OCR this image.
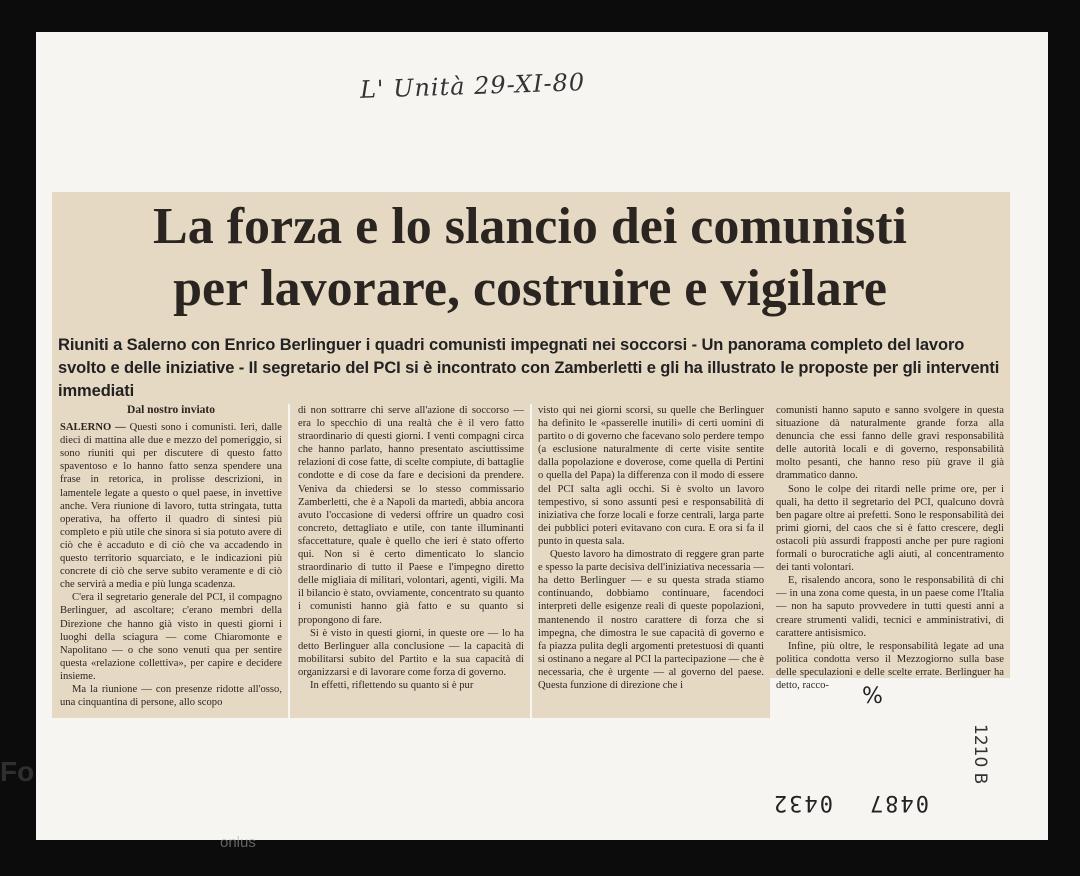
L' Unità 29-XI-80
La forza e lo slancio dei comunisti
per lavorare, costruire e vigilare
Riuniti a Salerno con Enrico Berlinguer i quadri comunisti impegnati nei soccorsi - Un panorama completo del lavoro svolto e delle iniziative - Il segretario del PCI si è incontrato con Zamberletti e gli ha illustrato le proposte per gli interventi immediati
Dal nostro inviato

SALERNO — Questi sono i comunisti. Ieri, dalle dieci di mattina alle due e mezzo del pomeriggio, si sono riuniti qui per discutere di questo fatto spaventoso e lo hanno fatto senza spendere una frase in retorica, in prolisse descrizioni, in lamentele legate a questo o quel paese, in invettive anche. Vera riunione di lavoro, tutta stringata, tutta operativa, ha offerto il quadro di sintesi più completo e più utile che sinora si sia potuto avere di ciò che è accaduto e di ciò che va accadendo in questo territorio squarciato, e le indicazioni più concrete di ciò che serve subito veramente e di ciò che servirà a media e più lunga scadenza.

C'era il segretario generale del PCI, il compagno Berlinguer, ad ascoltare; c'erano membri della Direzione che hanno già visto in questi giorni i luoghi della sciagura — come Chiaromonte e Napolitano — o che sono venuti qua per sentire questa «relazione collettiva», per capire e decidere insieme.

Ma la riunione — con presenze ridotte all'osso, una cinquantina di persone, allo scopo

di non sottrarre chi serve all'azione di soccorso — era lo specchio di una realtà che è il vero fatto straordinario di questi giorni. I venti compagni circa che hanno parlato, hanno presentato asciuttissime relazioni di cose fatte, di scelte compiute, di battaglie condotte e di cose da fare e decisioni da prendere. Veniva da chiedersi se lo stesso commissario Zamberletti, che è a Napoli da martedì, abbia ancora avuto l'occasione di vedersi offrire un quadro così concreto, dettagliato e utile, con tante illuminanti sfaccettature, quale è quello che ieri è stato offerto qui. Non si è certo dimenticato lo slancio straordinario di tutto il Paese e l'impegno diretto delle migliaia di militari, volontari, agenti, vigili. Ma il bilancio è stato, ovviamente, concentrato su quanto i comunisti hanno già fatto e su quanto si propongono di fare.

Si è visto in questi giorni, in queste ore — lo ha detto Berlinguer alla conclusione — la capacità di mobilitarsi subito del Partito e la sua capacità di organizzarsi e di lavorare come forza di governo.

In effetti, riflettendo su quanto si è pur

visto qui nei giorni scorsi, su quelle che Berlinguer ha definito le «passerelle inutili» di certi uomini di partito o di governo che facevano solo perdere tempo (a esclusione naturalmente di certe visite sentite dalla popolazione e doverose, come quella di Pertini o quella del Papa) la differenza con il modo di essere del PCI salta agli occhi. Si è svolto un lavoro tempestivo, si sono assunti pesi e responsabilità di iniziativa che forze locali e forze centrali, larga parte dei pubblici poteri evitavano con cura. E ora si fa il punto in questa sala.

Questo lavoro ha dimostrato di reggere gran parte e spesso la parte decisiva dell'iniziativa necessaria — ha detto Berlinguer — e su questa strada stiamo continuando, dobbiamo continuare, facendoci interpreti delle esigenze reali di queste popolazioni, mantenendo il nostro carattere di forza che si impegna, che dimostra le sue capacità di governo e fa piazza pulita degli argomenti pretestuosi di quanti si ostinano a negare al PCI la partecipazione — che è necessaria, che è urgente — al governo del paese. Questa funzione di direzione che i

comunisti hanno saputo e sanno svolgere in questa situazione dà naturalmente grande forza alla denuncia che essi fanno delle gravi responsabilità delle autorità locali e di governo, responsabilità molto pesanti, che hanno reso più grave il già drammatico danno.

Sono le colpe dei ritardi nelle prime ore, per i quali, ha detto il segretario del PCI, qualcuno dovrà ben pagare oltre ai prefetti. Sono le responsabilità dei primi giorni, del caos che si è fatto crescere, degli ostacoli più assurdi frapposti anche per pure ragioni formali o burocratiche agli aiuti, al concentramento dei tanti volontari.

E, risalendo ancora, sono le responsabilità di chi — in una zona come questa, in un paese come l'Italia — non ha saputo provvedere in tutti questi anni a creare strumenti validi, tecnici e amministrativi, di carattere antisismico.

Infine, più oltre, le responsabilità legate ad una politica condotta verso il Mezzogiorno sulla base delle speculazioni e delle scelte errate. Berlinguer ha detto, racco-	%
1210 B
0487
0432
Fo
onlus
